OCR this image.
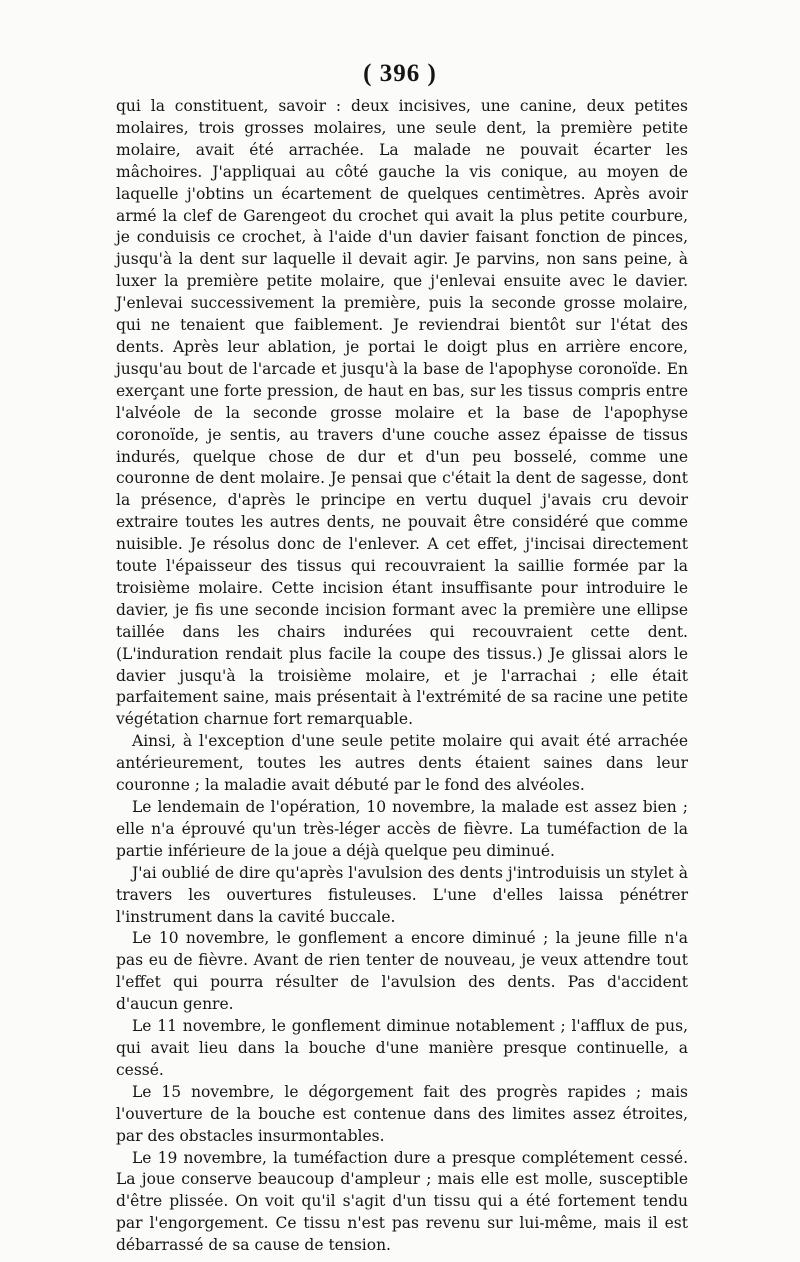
( 396 )

qui la constituent, savoir : deux incisives, une canine, deux petites molaires, trois grosses molaires, une seule dent, la première petite molaire, avait été arrachée. La malade ne pouvait écarter les mâchoires. J'appliquai au côté gauche la vis conique, au moyen de laquelle j'obtins un écartement de quelques centimètres. Après avoir armé la clef de Garengeot du crochet qui avait la plus petite courbure, je conduisis ce crochet, à l'aide d'un davier faisant fonction de pinces, jusqu'à la dent sur laquelle il devait agir. Je parvins, non sans peine, à luxer la première petite molaire, que j'enlevai ensuite avec le davier. J'enlevai successivement la première, puis la seconde grosse molaire, qui ne tenaient que faiblement. Je reviendrai bientôt sur l'état des dents. Après leur ablation, je portai le doigt plus en arrière encore, jusqu'au bout de l'arcade et jusqu'à la base de l'apophyse coronoïde. En exerçant une forte pression, de haut en bas, sur les tissus compris entre l'alvéole de la seconde grosse molaire et la base de l'apophyse coronoïde, je sentis, au travers d'une couche assez épaisse de tissus indurés, quelque chose de dur et d'un peu bosselé, comme une couronne de dent molaire. Je pensai que c'était la dent de sagesse, dont la présence, d'après le principe en vertu duquel j'avais cru devoir extraire toutes les autres dents, ne pouvait être considéré que comme nuisible. Je résolus donc de l'enlever. A cet effet, j'incisai directement toute l'épaisseur des tissus qui recouvraient la saillie formée par la troisième molaire. Cette incision étant insuffisante pour introduire le davier, je fis une seconde incision formant avec la première une ellipse taillée dans les chairs indurées qui recouvraient cette dent. (L'induration rendait plus facile la coupe des tissus.) Je glissai alors le davier jusqu'à la troisième molaire, et je l'arrachai ; elle était parfaitement saine, mais présentait à l'extrémité de sa racine une petite végétation charnue fort remarquable.

Ainsi, à l'exception d'une seule petite molaire qui avait été arrachée antérieurement, toutes les autres dents étaient saines dans leur couronne ; la maladie avait débuté par le fond des alvéoles.

Le lendemain de l'opération, 10 novembre, la malade est assez bien ; elle n'a éprouvé qu'un très-léger accès de fièvre. La tuméfaction de la partie inférieure de la joue a déjà quelque peu diminué.

J'ai oublié de dire qu'après l'avulsion des dents j'introduisis un stylet à travers les ouvertures fistuleuses. L'une d'elles laissa pénétrer l'instrument dans la cavité buccale.

Le 10 novembre, le gonflement a encore diminué ; la jeune fille n'a pas eu de fièvre. Avant de rien tenter de nouveau, je veux attendre tout l'effet qui pourra résulter de l'avulsion des dents. Pas d'accident d'aucun genre.

Le 11 novembre, le gonflement diminue notablement ; l'afflux de pus, qui avait lieu dans la bouche d'une manière presque continuelle, a cessé.

Le 15 novembre, le dégorgement fait des progrès rapides ; mais l'ouverture de la bouche est contenue dans des limites assez étroites, par des obstacles insurmontables.

Le 19 novembre, la tuméfaction dure a presque complétement cessé. La joue conserve beaucoup d'ampleur ; mais elle est molle, susceptible d'être plissée. On voit qu'il s'agit d'un tissu qui a été fortement tendu par l'engorgement. Ce tissu n'est pas revenu sur lui-même, mais il est débarrassé de sa cause de tension.
